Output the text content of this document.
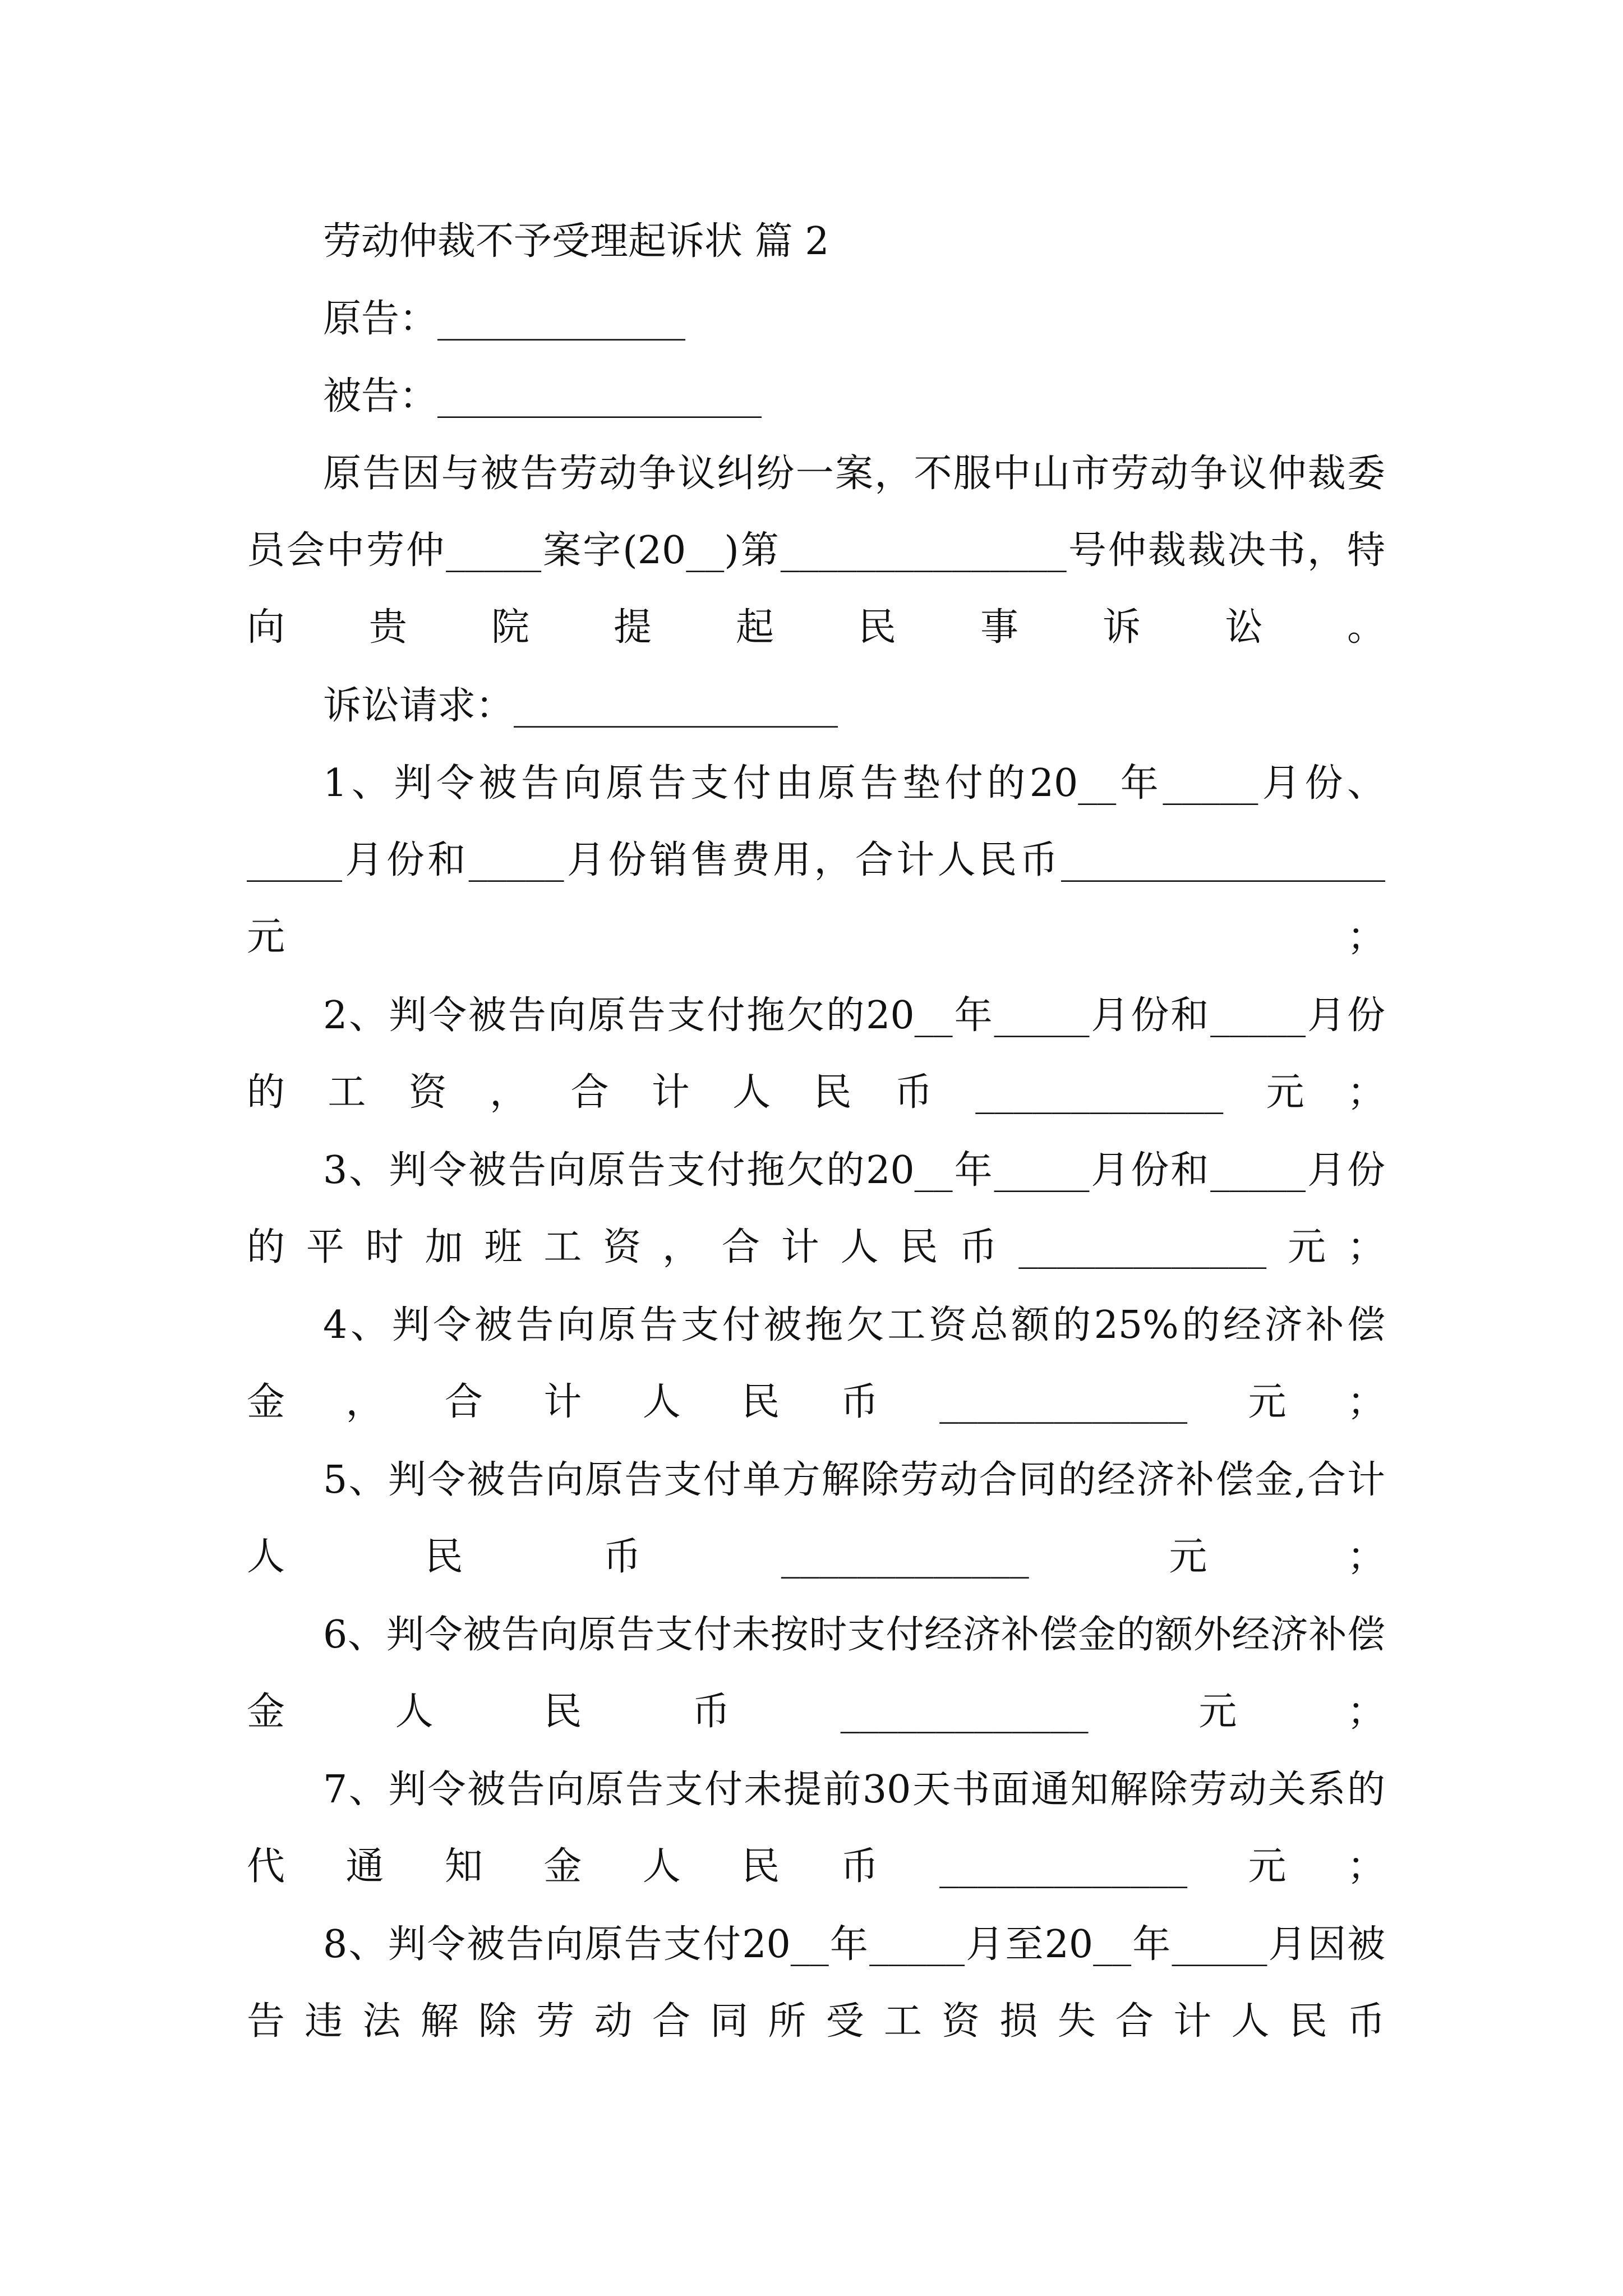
劳动仲裁不予受理起诉状 篇 2

原告：_____________

被告：_________________

原告因与被告劳动争议纠纷一案，不服中山市劳动争议仲裁委员会中劳仲_____案字(20__)第_______________号仲裁裁决书，特向贵院提起民事诉讼。

诉讼请求：_________________

1、判令被告向原告支付由原告垫付的20__年_____月份、_____月份和_____月份销售费用，合计人民币_________________元；

2、判令被告向原告支付拖欠的20__年_____月份和_____月份的工资，合计人民币_____________元；

3、判令被告向原告支付拖欠的20__年_____月份和_____月份的平时加班工资，合计人民币_____________元；

4、判令被告向原告支付被拖欠工资总额的25%的经济补偿金，合计人民币_____________元；

5、判令被告向原告支付单方解除劳动合同的经济补偿金,合计人民币_____________元；

6、判令被告向原告支付未按时支付经济补偿金的额外经济补偿金人民币_____________元；

7、判令被告向原告支付未提前30天书面通知解除劳动关系的代通知金人民币_____________元；

8、判令被告向原告支付20__年_____月至20__年_____月因被告违法解除劳动合同所受工资损失合计人民币
